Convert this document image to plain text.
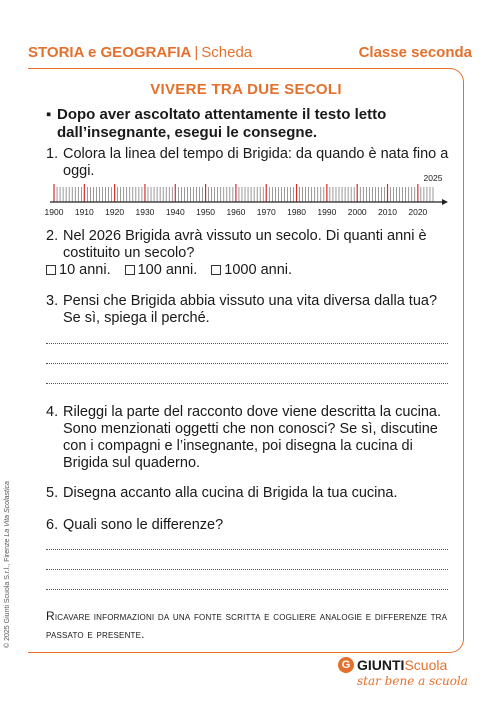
STORIA e GEOGRAFIA | Scheda	Classe seconda
VIVERE TRA DUE SECOLI
▪ Dopo aver ascoltato attentamente il testo letto dall’insegnante, esegui le consegne.
1. Colora la linea del tempo di Brigida: da quando è nata fino a oggi.
1900 1910 1920 1930 1940 1950 1960 1970 1980 1990 2000 2010 2020
2025
2. Nel 2026 Brigida avrà vissuto un secolo. Di quanti anni è costituito un secolo?
10 anni. 100 anni. 1000 anni.
3. Pensi che Brigida abbia vissuto una vita diversa dalla tua? Se sì, spiega il perché.
4. Rileggi la parte del racconto dove viene descritta la cucina. Sono menzionati oggetti che non conosci? Se sì, discutine con i compagni e l’insegnante, poi disegna la cucina di Brigida sul quaderno.
5. Disegna accanto alla cucina di Brigida la tua cucina.
6. Quali sono le differenze?
Ricavare informazioni da una fonte scritta e cogliere analogie e differenze tra passato e presente.
© 2025 Giunti Scuola S.r.l., Firenze La Vita Scolastica
G GIUNTI Scuola
star bene a scuola
